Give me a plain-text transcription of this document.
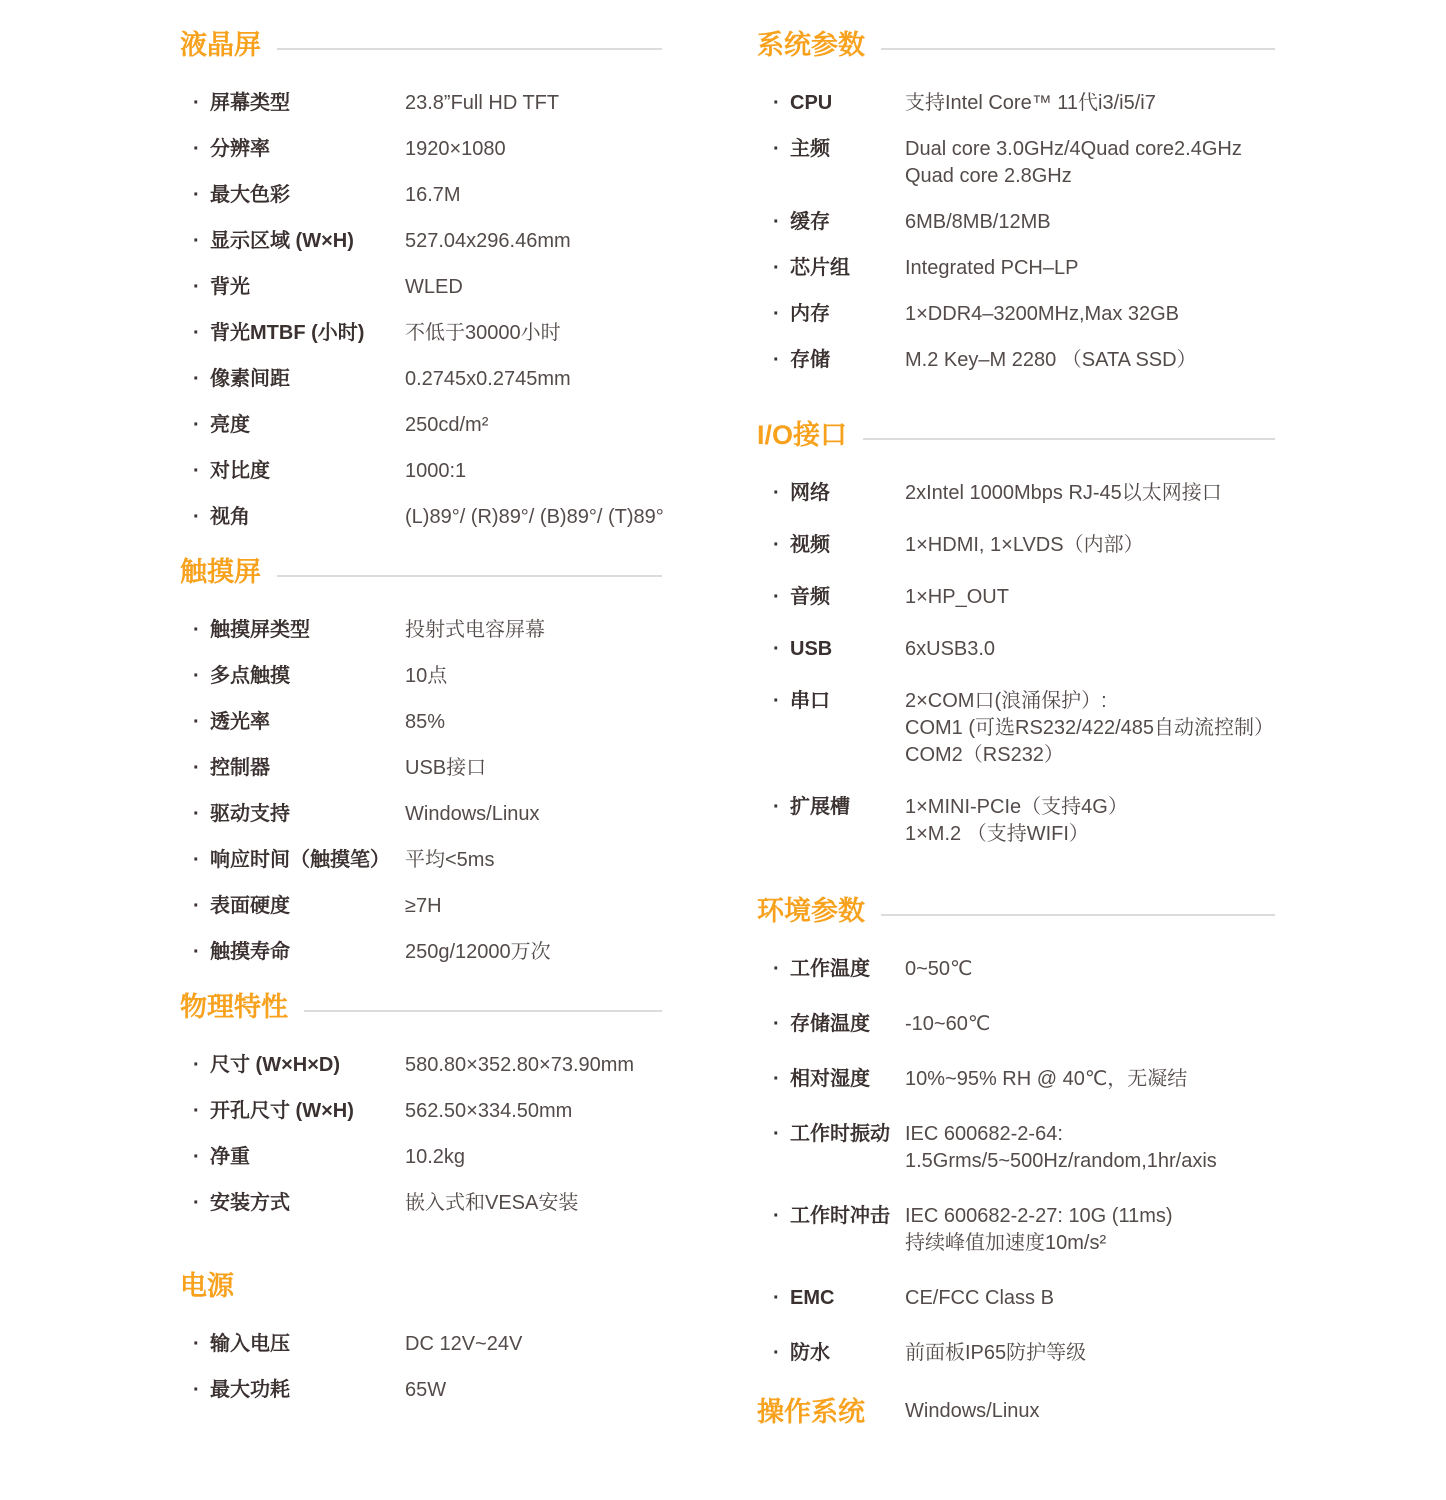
液晶屏
· 屏幕类型	23.8”Full HD TFT
· 分辨率	1920×1080
· 最大色彩	16.7M
· 显示区域 (W×H)	527.04x296.46mm
· 背光	WLED
· 背光MTBF (小时)	不低于30000小时
· 像素间距	0.2745x0.2745mm
· 亮度	250cd/m²
· 对比度	1000:1
· 视角	(L)89°/ (R)89°/ (B)89°/ (T)89°
触摸屏
· 触摸屏类型	投射式电容屏幕
· 多点触摸	10点
· 透光率	85%
· 控制器	USB接口
· 驱动支持	Windows/Linux
· 响应时间（触摸笔） 平均<5ms
· 表面硬度	≥7H
· 触摸寿命	250g/12000万次
物理特性
· 尺寸 (W×H×D)	580.80×352.80×73.90mm
· 开孔尺寸 (W×H)	562.50×334.50mm
· 净重	10.2kg
· 安装方式	嵌入式和VESA安装
电源
· 输入电压	DC 12V~24V
· 最大功耗	65W
系统参数
· CPU	支持Intel Core™ 11代i3/i5/i7
· 主频	Dual core 3.0GHz/4Quad core2.4GHz
Quad core 2.8GHz
· 缓存	6MB/8MB/12MB
· 芯片组	Integrated PCH–LP
· 内存	1×DDR4–3200MHz,Max 32GB
· 存储	M.2 Key–M 2280 （SATA SSD）
I/O接口
· 网络	2xIntel 1000Mbps RJ-45以太网接口
· 视频	1×HDMI, 1×LVDS（内部）
· 音频	1×HP_OUT
· USB	6xUSB3.0
· 串口	2×COM口(浪涌保护）:
COM1 (可选RS232/422/485自动流控制）
COM2（RS232）
· 扩展槽	1×MINI-PCIe（支持4G）
1×M.2 （支持WIFI）
环境参数
· 工作温度	0~50℃
· 存储温度	-10~60℃
· 相对湿度	10%~95% RH @ 40℃，无凝结
· 工作时振动 IEC 600682-2-64:
1.5Grms/5~500Hz/random,1hr/axis
· 工作时冲击 IEC 600682-2-27: 10G (11ms)
持续峰值加速度10m/s²
· EMC	CE/FCC Class B
· 防水	前面板IP65防护等级
操作系统 Windows/Linux
